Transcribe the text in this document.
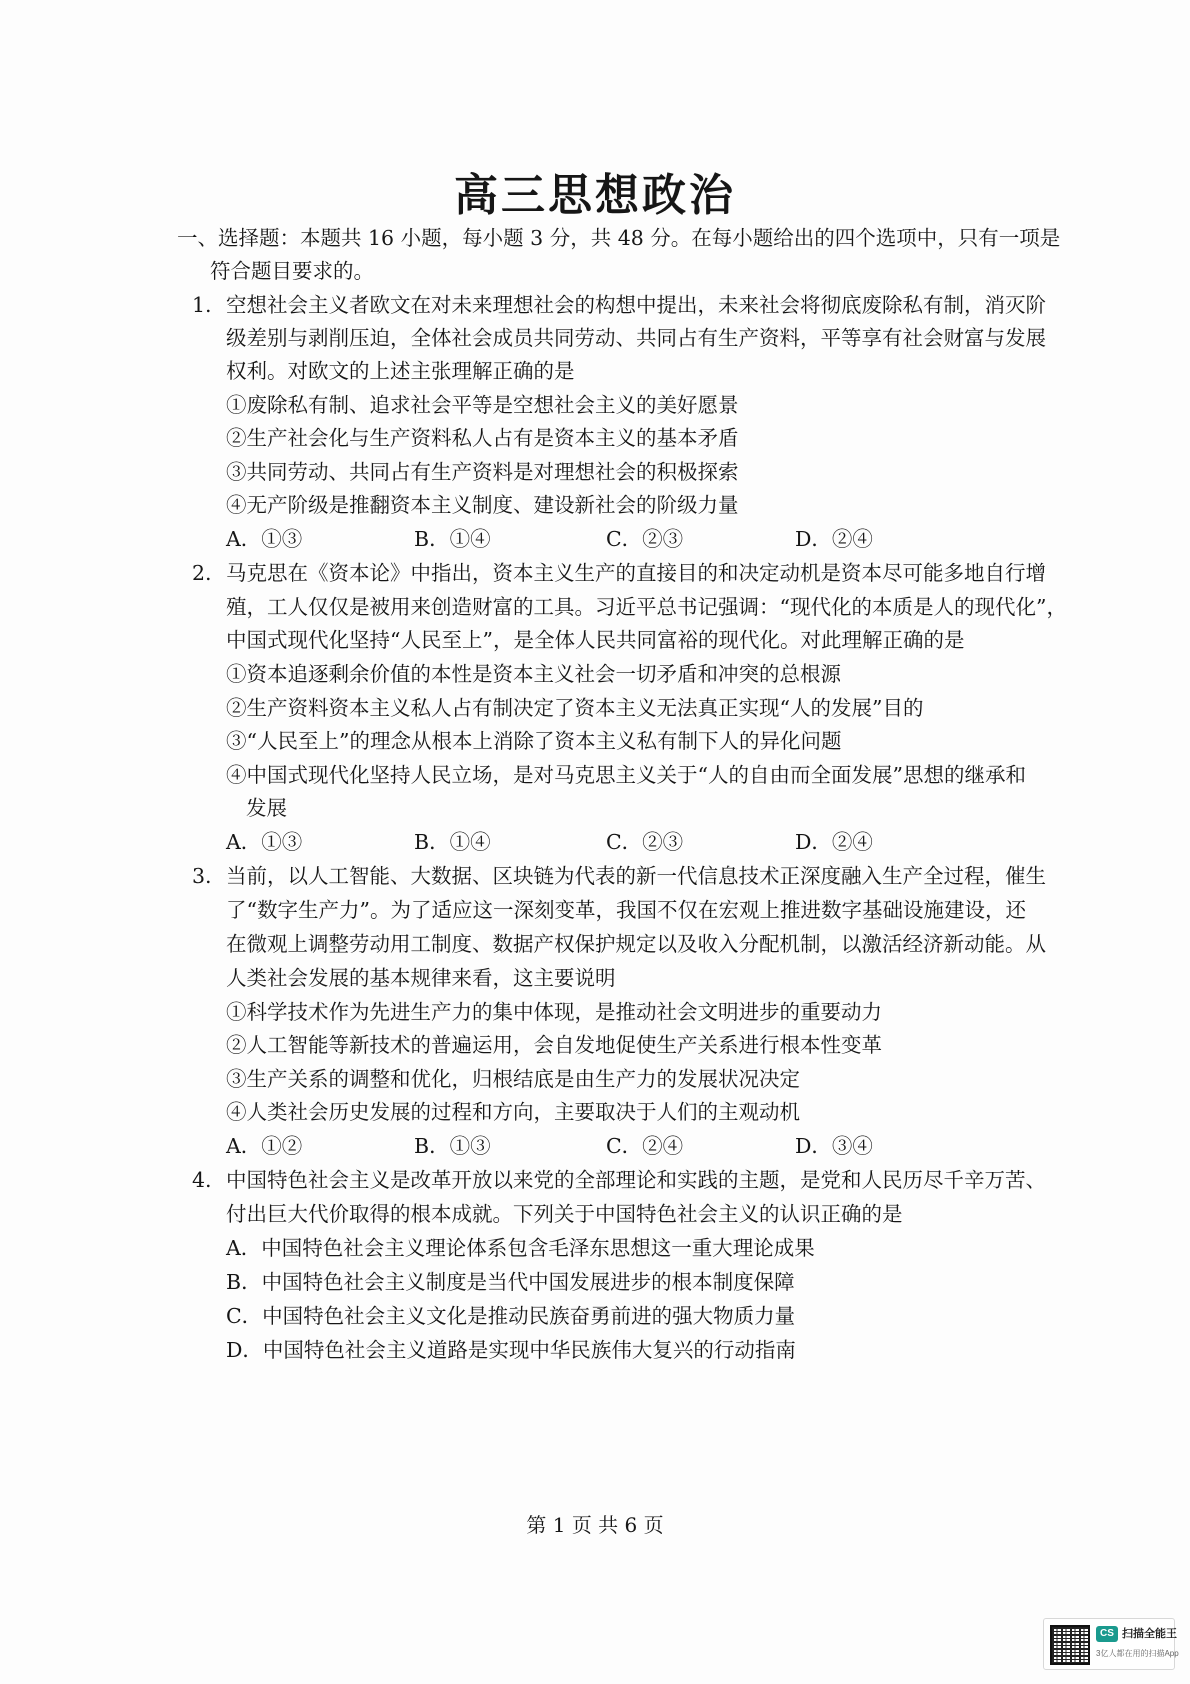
高三思想政治
一、选择题：本题共 16 小题，每小题 3 分，共 48 分。在每小题给出的四个选项中，只有一项是
符合题目要求的。
1. 空想社会主义者欧文在对未来理想社会的构想中提出，未来社会将彻底废除私有制，消灭阶
级差别与剥削压迫，全体社会成员共同劳动、共同占有生产资料，平等享有社会财富与发展
权利。对欧文的上述主张理解正确的是
①废除私有制、追求社会平等是空想社会主义的美好愿景
②生产社会化与生产资料私人占有是资本主义的基本矛盾
③共同劳动、共同占有生产资料是对理想社会的积极探索
④无产阶级是推翻资本主义制度、建设新社会的阶级力量
A．①③	B．①④	C．②③	D．②④
2. 马克思在《资本论》中指出，资本主义生产的直接目的和决定动机是资本尽可能多地自行增
殖，工人仅仅是被用来创造财富的工具。习近平总书记强调：“现代化的本质是人的现代化”，
中国式现代化坚持“人民至上”，是全体人民共同富裕的现代化。对此理解正确的是
①资本追逐剩余价值的本性是资本主义社会一切矛盾和冲突的总根源
②生产资料资本主义私人占有制决定了资本主义无法真正实现“人的发展”目的
③“人民至上”的理念从根本上消除了资本主义私有制下人的异化问题
④中国式现代化坚持人民立场，是对马克思主义关于“人的自由而全面发展”思想的继承和
发展
A．①③	B．①④	C．②③	D．②④
3. 当前，以人工智能、大数据、区块链为代表的新一代信息技术正深度融入生产全过程，催生
了“数字生产力”。为了适应这一深刻变革，我国不仅在宏观上推进数字基础设施建设，还
在微观上调整劳动用工制度、数据产权保护规定以及收入分配机制，以激活经济新动能。从
人类社会发展的基本规律来看，这主要说明
①科学技术作为先进生产力的集中体现，是推动社会文明进步的重要动力
②人工智能等新技术的普遍运用，会自发地促使生产关系进行根本性变革
③生产关系的调整和优化，归根结底是由生产力的发展状况决定
④人类社会历史发展的过程和方向，主要取决于人们的主观动机
A．①②	B．①③	C．②④	D．③④
4. 中国特色社会主义是改革开放以来党的全部理论和实践的主题，是党和人民历尽千辛万苦、
付出巨大代价取得的根本成就。下列关于中国特色社会主义的认识正确的是
A．中国特色社会主义理论体系包含毛泽东思想这一重大理论成果
B．中国特色社会主义制度是当代中国发展进步的根本制度保障
C．中国特色社会主义文化是推动民族奋勇前进的强大物质力量
D．中国特色社会主义道路是实现中华民族伟大复兴的行动指南
第 1 页 共 6 页
CS 扫描全能王
3亿人都在用的扫描App
